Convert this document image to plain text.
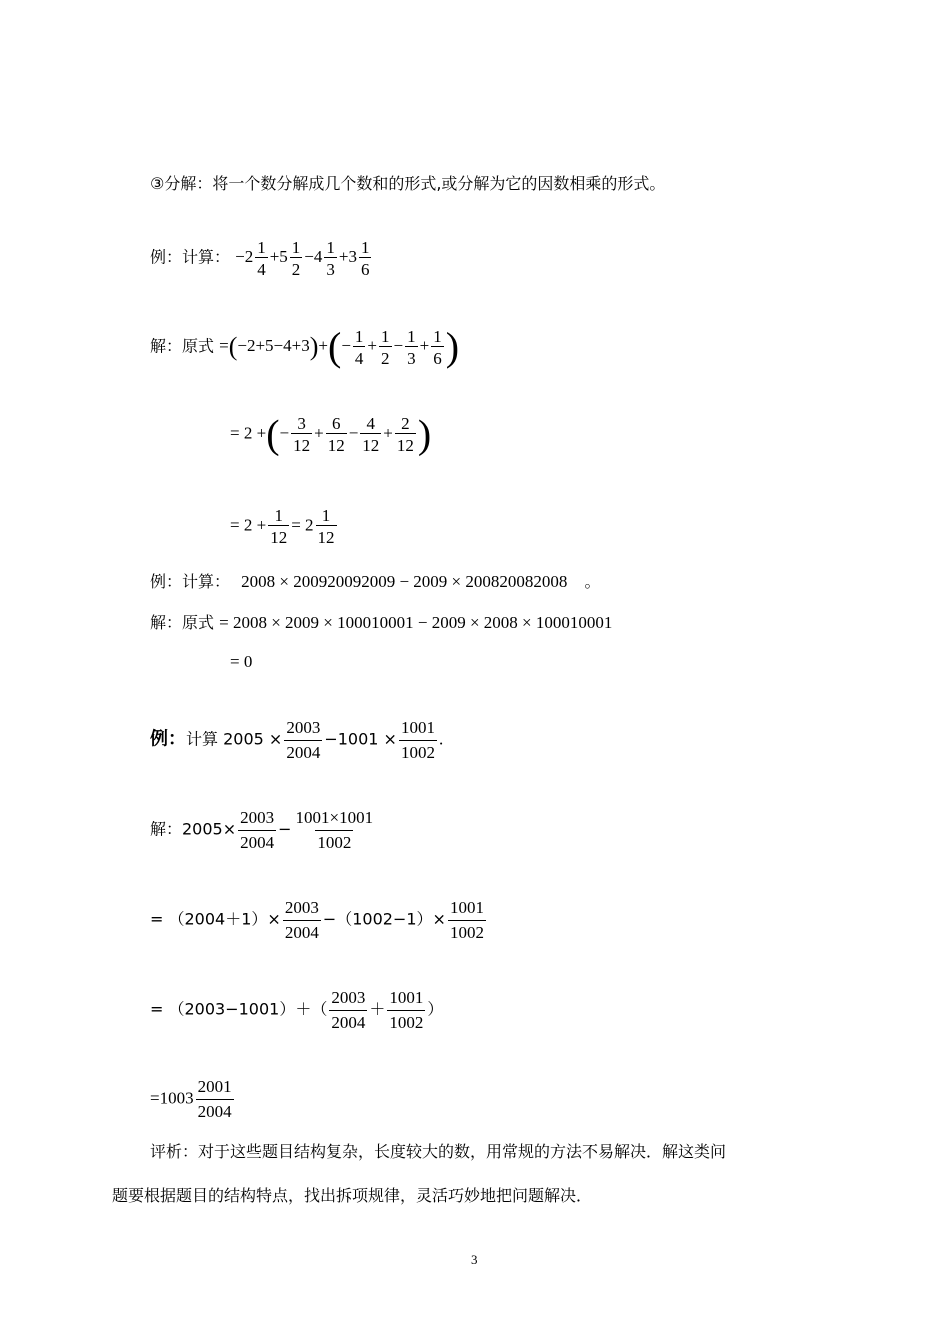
③分解：将一个数分解成几个数和的形式,或分解为它的因数相乘的形式。
例：计算： $-2 \frac{1}{4} +5 \frac{1}{2} -4 \frac{1}{3} +3 \frac{1}{6}$
解：原式 $=(-2+5-4+3)+(- \frac{1}{4} + \frac{1}{2} - \frac{1}{3} + \frac{1}{6}$ )
= 2 +(− $\frac{3}{12} + \frac{6}{12} - \frac{4}{12} + \frac{2}{12}$ )
= $2 + \frac{1}{12} = 2 \frac{1}{12}$
例：计算： 2008 × 200920092009 − 2009 × 200820082008 。
解：原式 = 2008 × 2009 × 100010001 − 2009 × 2008 × 100010001
= 0
例：计算 $2005 \times \frac{2003}{2004} -1001 \times \frac{1001}{1002}$ .
解：$2005\times \frac{2003}{2004} - \frac{1001\times 1001}{1002}$
= $(2004+1)\times \frac{2003}{2004} -(1002-1)\times \frac{1001}{1002}$
= $(2003-1001)+( \frac{2003}{2004} + \frac{1001}{1002}$ ）
$=1003 \frac{2001}{2004}$
评析：对于这些题目结构复杂，长度较大的数，用常规的方法不易解决．解这类问
题要根据题目的结构特点，找出拆项规律，灵活巧妙地把问题解决．
3
